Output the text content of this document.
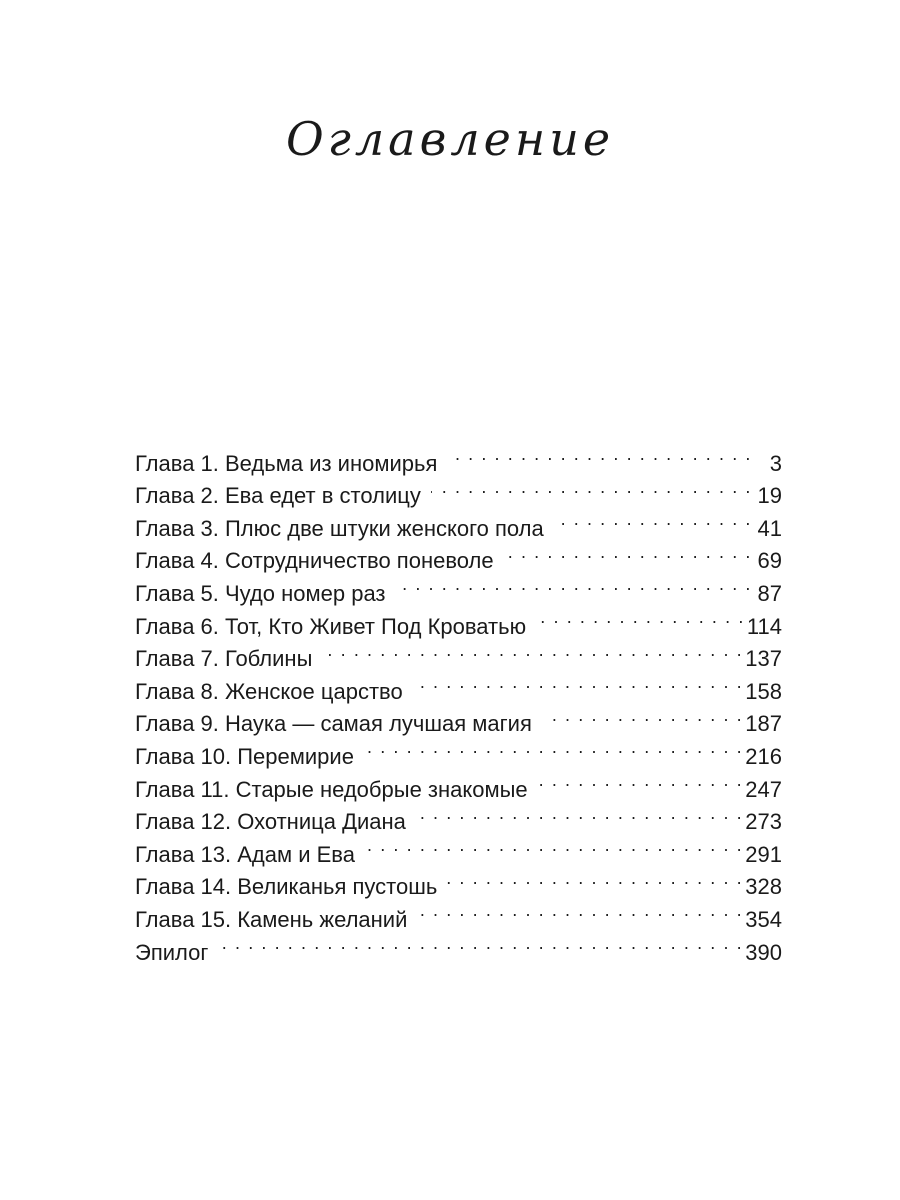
Оглавление
Глава 1. Ведьма из иномирья . . .	3
Глава 2. Ева едет в столицу . . .	19
Глава 3. Плюс две штуки женского пола . . .	41
Глава 4. Сотрудничество поневоле . . .	69
Глава 5. Чудо номер раз . . .	87
Глава 6. Тот, Кто Живет Под Кроватью . . .	114
Глава 7. Гоблины . . .	137
Глава 8. Женское царство . . .	158
Глава 9. Наука — самая лучшая магия . . .	187
Глава 10. Перемирие . . .	216
Глава 11. Старые недобрые знакомые . . .	247
Глава 12. Охотница Диана . . .	273
Глава 13. Адам и Ева . . .	291
Глава 14. Великанья пустошь . . .	328
Глава 15. Камень желаний . . .	354
Эпилог . . .	390
